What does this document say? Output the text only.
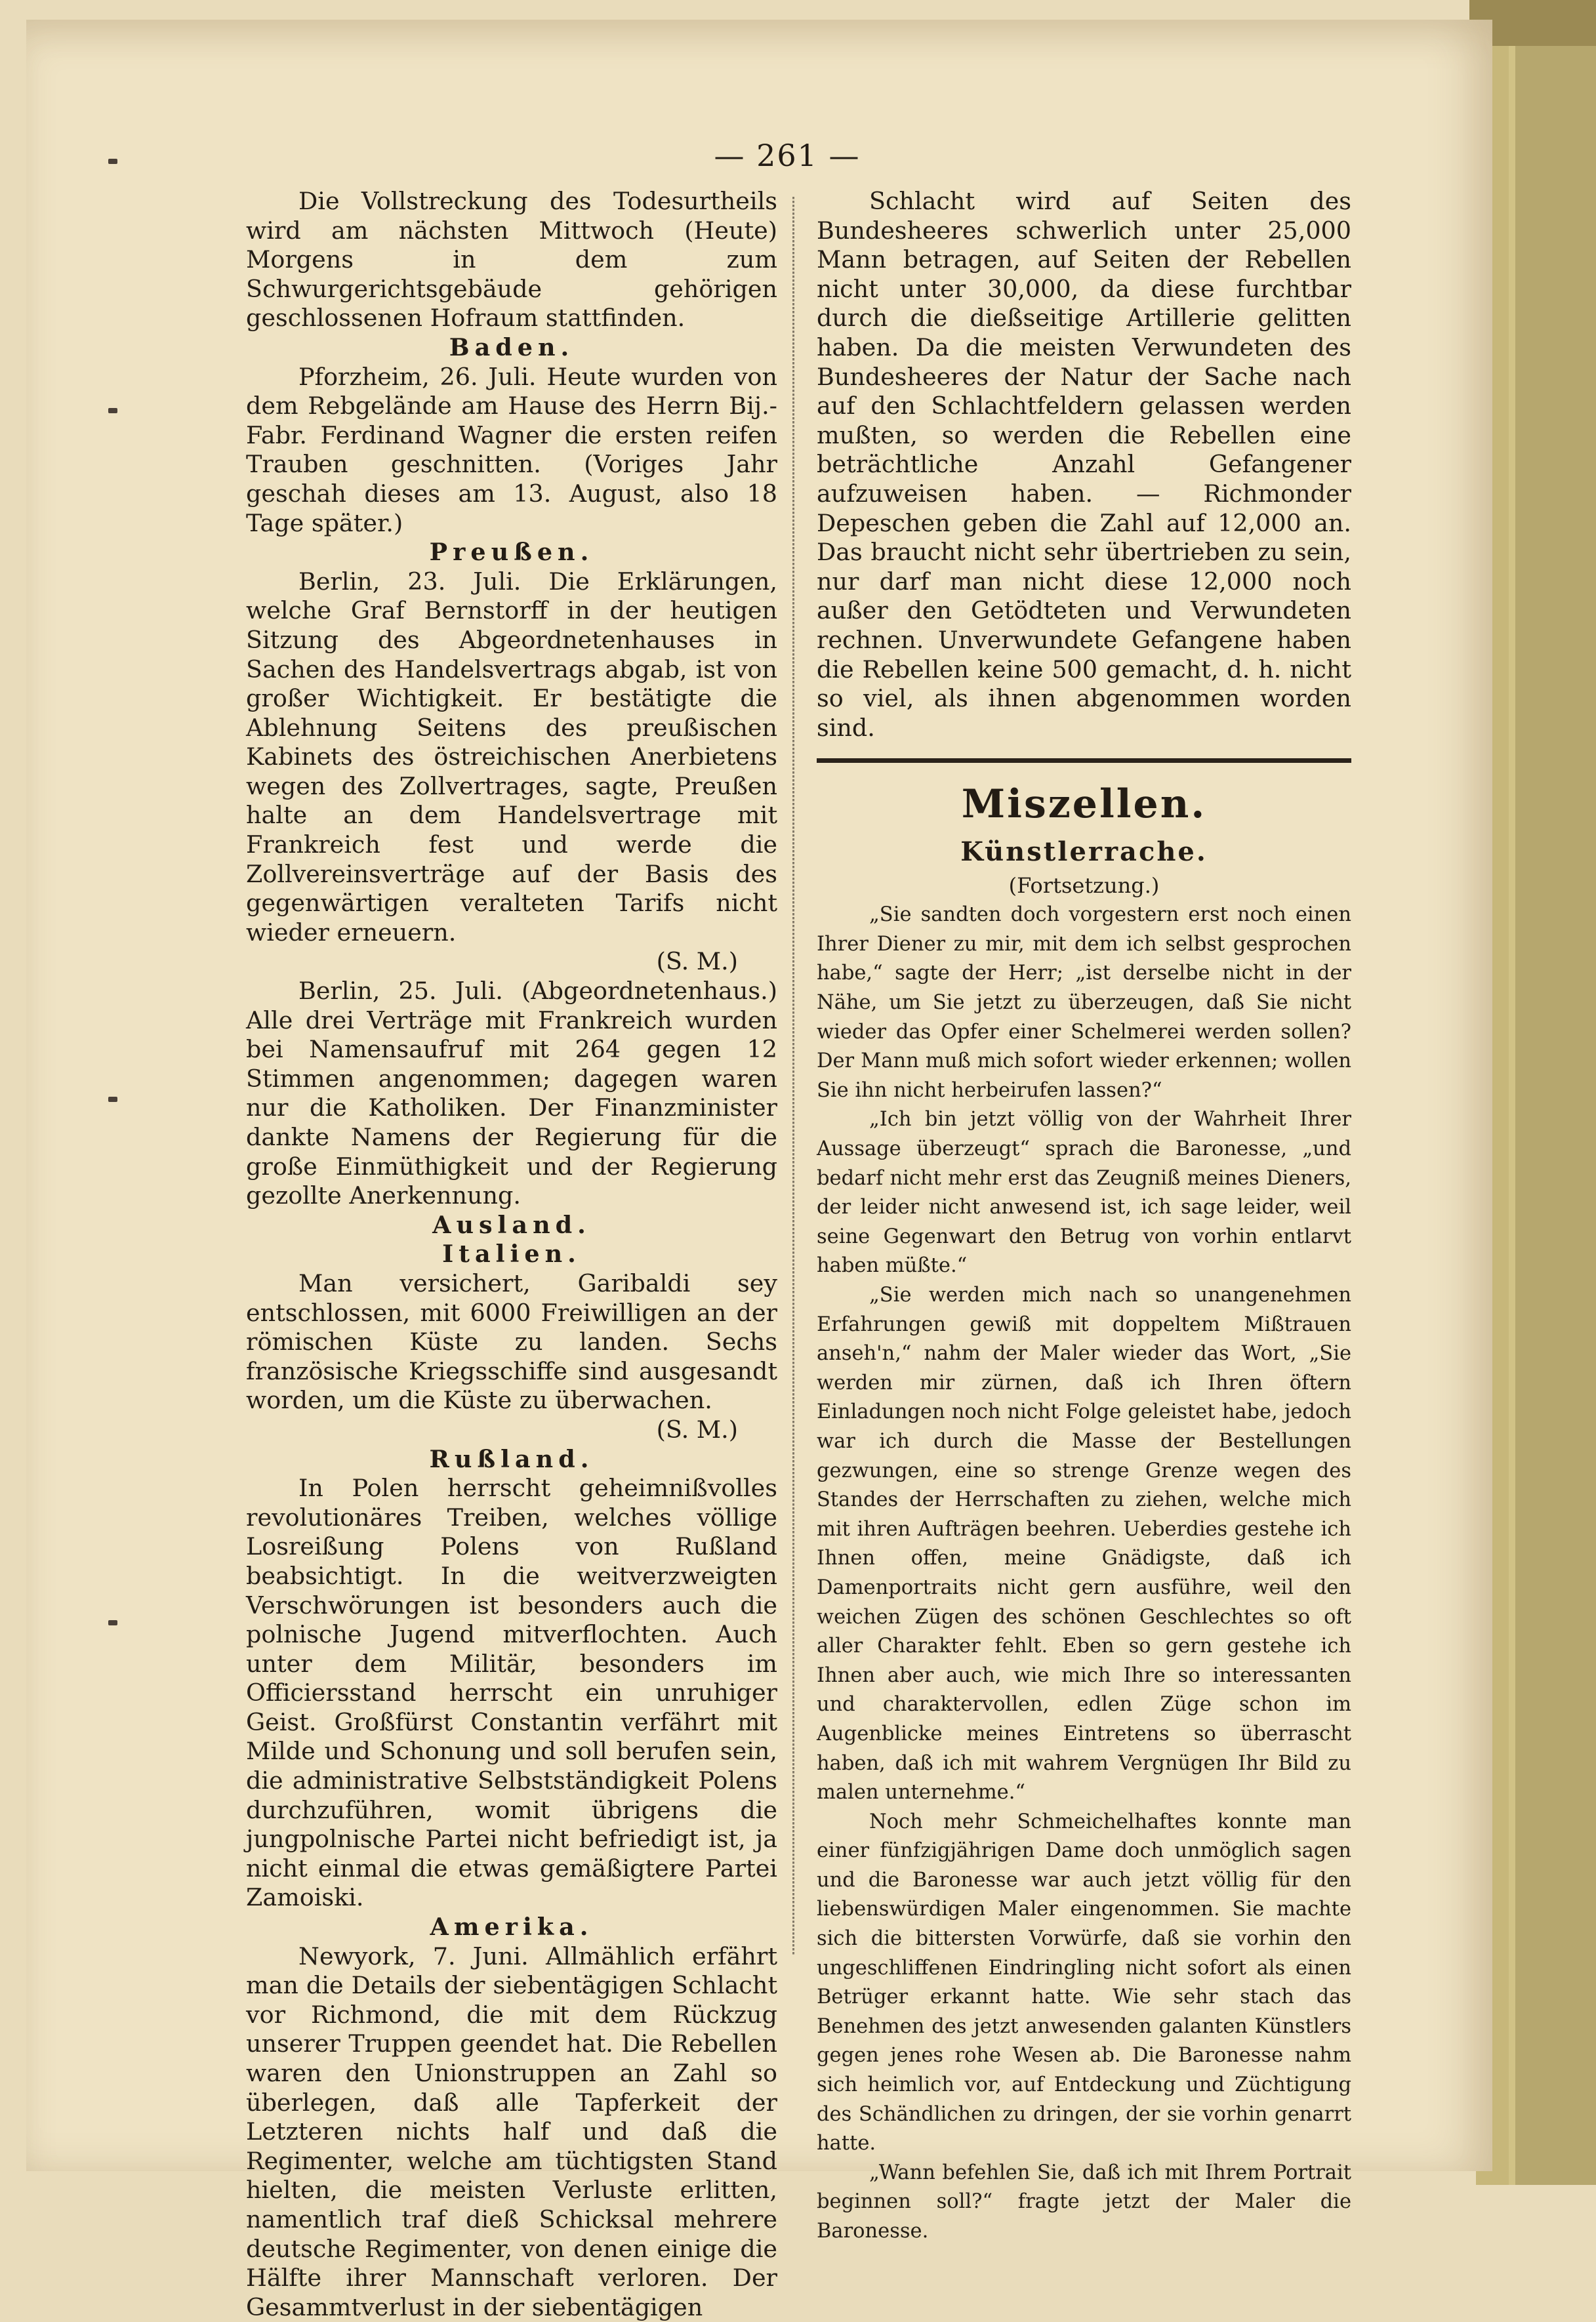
— 261 —

Die Vollstreckung des Todesurtheils wird am nächsten Mittwoch (Heute) Morgens in dem zum Schwurgerichtsgebäude gehörigen geschlossenen Hofraum stattfinden.

Baden.

Pforzheim, 26. Juli. Heute wurden von dem Rebgelände am Hause des Herrn Bij.-Fabr. Ferdinand Wagner die ersten reifen Trauben geschnitten. (Voriges Jahr geschah dieses am 13. August, also 18 Tage später.)

Preußen.

Berlin, 23. Juli. Die Erklärungen, welche Graf Bernstorff in der heutigen Sitzung des Abgeordnetenhauses in Sachen des Handelsvertrags abgab, ist von großer Wichtigkeit. Er bestätigte die Ablehnung Seitens des preußischen Kabinets des östreichischen Anerbietens wegen des Zollvertrages, sagte, Preußen halte an dem Handelsvertrage mit Frankreich fest und werde die Zollvereinsverträge auf der Basis des gegenwärtigen veralteten Tarifs nicht wieder erneuern.

(S. M.)

Berlin, 25. Juli. (Abgeordnetenhaus.) Alle drei Verträge mit Frankreich wurden bei Namensaufruf mit 264 gegen 12 Stimmen angenommen; dagegen waren nur die Katholiken. Der Finanzminister dankte Namens der Regierung für die große Einmüthigkeit und der Regierung gezollte Anerkennung.

Ausland.

Italien.

Man versichert, Garibaldi sey entschlossen, mit 6000 Freiwilligen an der römischen Küste zu landen. Sechs französische Kriegsschiffe sind ausgesandt worden, um die Küste zu überwachen.

(S. M.)

Rußland.

In Polen herrscht geheimnißvolles revolutionäres Treiben, welches völlige Losreißung Polens von Rußland beabsichtigt. In die weitverzweigten Verschwörungen ist besonders auch die polnische Jugend mitverflochten. Auch unter dem Militär, besonders im Officiersstand herrscht ein unruhiger Geist. Großfürst Constantin verfährt mit Milde und Schonung und soll berufen sein, die administrative Selbstständigkeit Polens durchzuführen, womit übrigens die jungpolnische Partei nicht befriedigt ist, ja nicht einmal die etwas gemäßigtere Partei Zamoiski.

Amerika.

Newyork, 7. Juni. Allmählich erfährt man die Details der siebentägigen Schlacht vor Richmond, die mit dem Rückzug unserer Truppen geendet hat. Die Rebellen waren den Unionstruppen an Zahl so überlegen, daß alle Tapferkeit der Letzteren nichts half und daß die Regimenter, welche am tüchtigsten Stand hielten, die meisten Verluste erlitten, namentlich traf dieß Schicksal mehrere deutsche Regimenter, von denen einige die Hälfte ihrer Mannschaft verloren. Der Gesammtverlust in der siebentägigen

Schlacht wird auf Seiten des Bundesheeres schwerlich unter 25,000 Mann betragen, auf Seiten der Rebellen nicht unter 30,000, da diese furchtbar durch die dießseitige Artillerie gelitten haben. Da die meisten Verwundeten des Bundesheeres der Natur der Sache nach auf den Schlachtfeldern gelassen werden mußten, so werden die Rebellen eine beträchtliche Anzahl Gefangener aufzuweisen haben. — Richmonder Depeschen geben die Zahl auf 12,000 an. Das braucht nicht sehr übertrieben zu sein, nur darf man nicht diese 12,000 noch außer den Getödteten und Verwundeten rechnen. Unverwundete Gefangene haben die Rebellen keine 500 gemacht, d. h. nicht so viel, als ihnen abgenommen worden sind.

Miszellen.

Künstlerrache.

(Fortsetzung.)

„Sie sandten doch vorgestern erst noch einen Ihrer Diener zu mir, mit dem ich selbst gesprochen habe,“ sagte der Herr; „ist derselbe nicht in der Nähe, um Sie jetzt zu überzeugen, daß Sie nicht wieder das Opfer einer Schelmerei werden sollen? Der Mann muß mich sofort wieder erkennen; wollen Sie ihn nicht herbeirufen lassen?“

„Ich bin jetzt völlig von der Wahrheit Ihrer Aussage überzeugt“ sprach die Baronesse, „und bedarf nicht mehr erst das Zeugniß meines Dieners, der leider nicht anwesend ist, ich sage leider, weil seine Gegenwart den Betrug von vorhin entlarvt haben müßte.“

„Sie werden mich nach so unangenehmen Erfahrungen gewiß mit doppeltem Mißtrauen anseh'n,“ nahm der Maler wieder das Wort, „Sie werden mir zürnen, daß ich Ihren öftern Einladungen noch nicht Folge geleistet habe, jedoch war ich durch die Masse der Bestellungen gezwungen, eine so strenge Grenze wegen des Standes der Herrschaften zu ziehen, welche mich mit ihren Aufträgen beehren. Ueberdies gestehe ich Ihnen offen, meine Gnädigste, daß ich Damenportraits nicht gern ausführe, weil den weichen Zügen des schönen Geschlechtes so oft aller Charakter fehlt. Eben so gern gestehe ich Ihnen aber auch, wie mich Ihre so interessanten und charaktervollen, edlen Züge schon im Augenblicke meines Eintretens so überrascht haben, daß ich mit wahrem Vergnügen Ihr Bild zu malen unternehme.“

Noch mehr Schmeichelhaftes konnte man einer fünfzigjährigen Dame doch unmöglich sagen und die Baronesse war auch jetzt völlig für den liebenswürdigen Maler eingenommen. Sie machte sich die bittersten Vorwürfe, daß sie vorhin den ungeschliffenen Eindringling nicht sofort als einen Betrüger erkannt hatte. Wie sehr stach das Benehmen des jetzt anwesenden galanten Künstlers gegen jenes rohe Wesen ab. Die Baronesse nahm sich heimlich vor, auf Entdeckung und Züchtigung des Schändlichen zu dringen, der sie vorhin genarrt hatte.

„Wann befehlen Sie, daß ich mit Ihrem Portrait beginnen soll?“ fragte jetzt der Maler die Baronesse.
